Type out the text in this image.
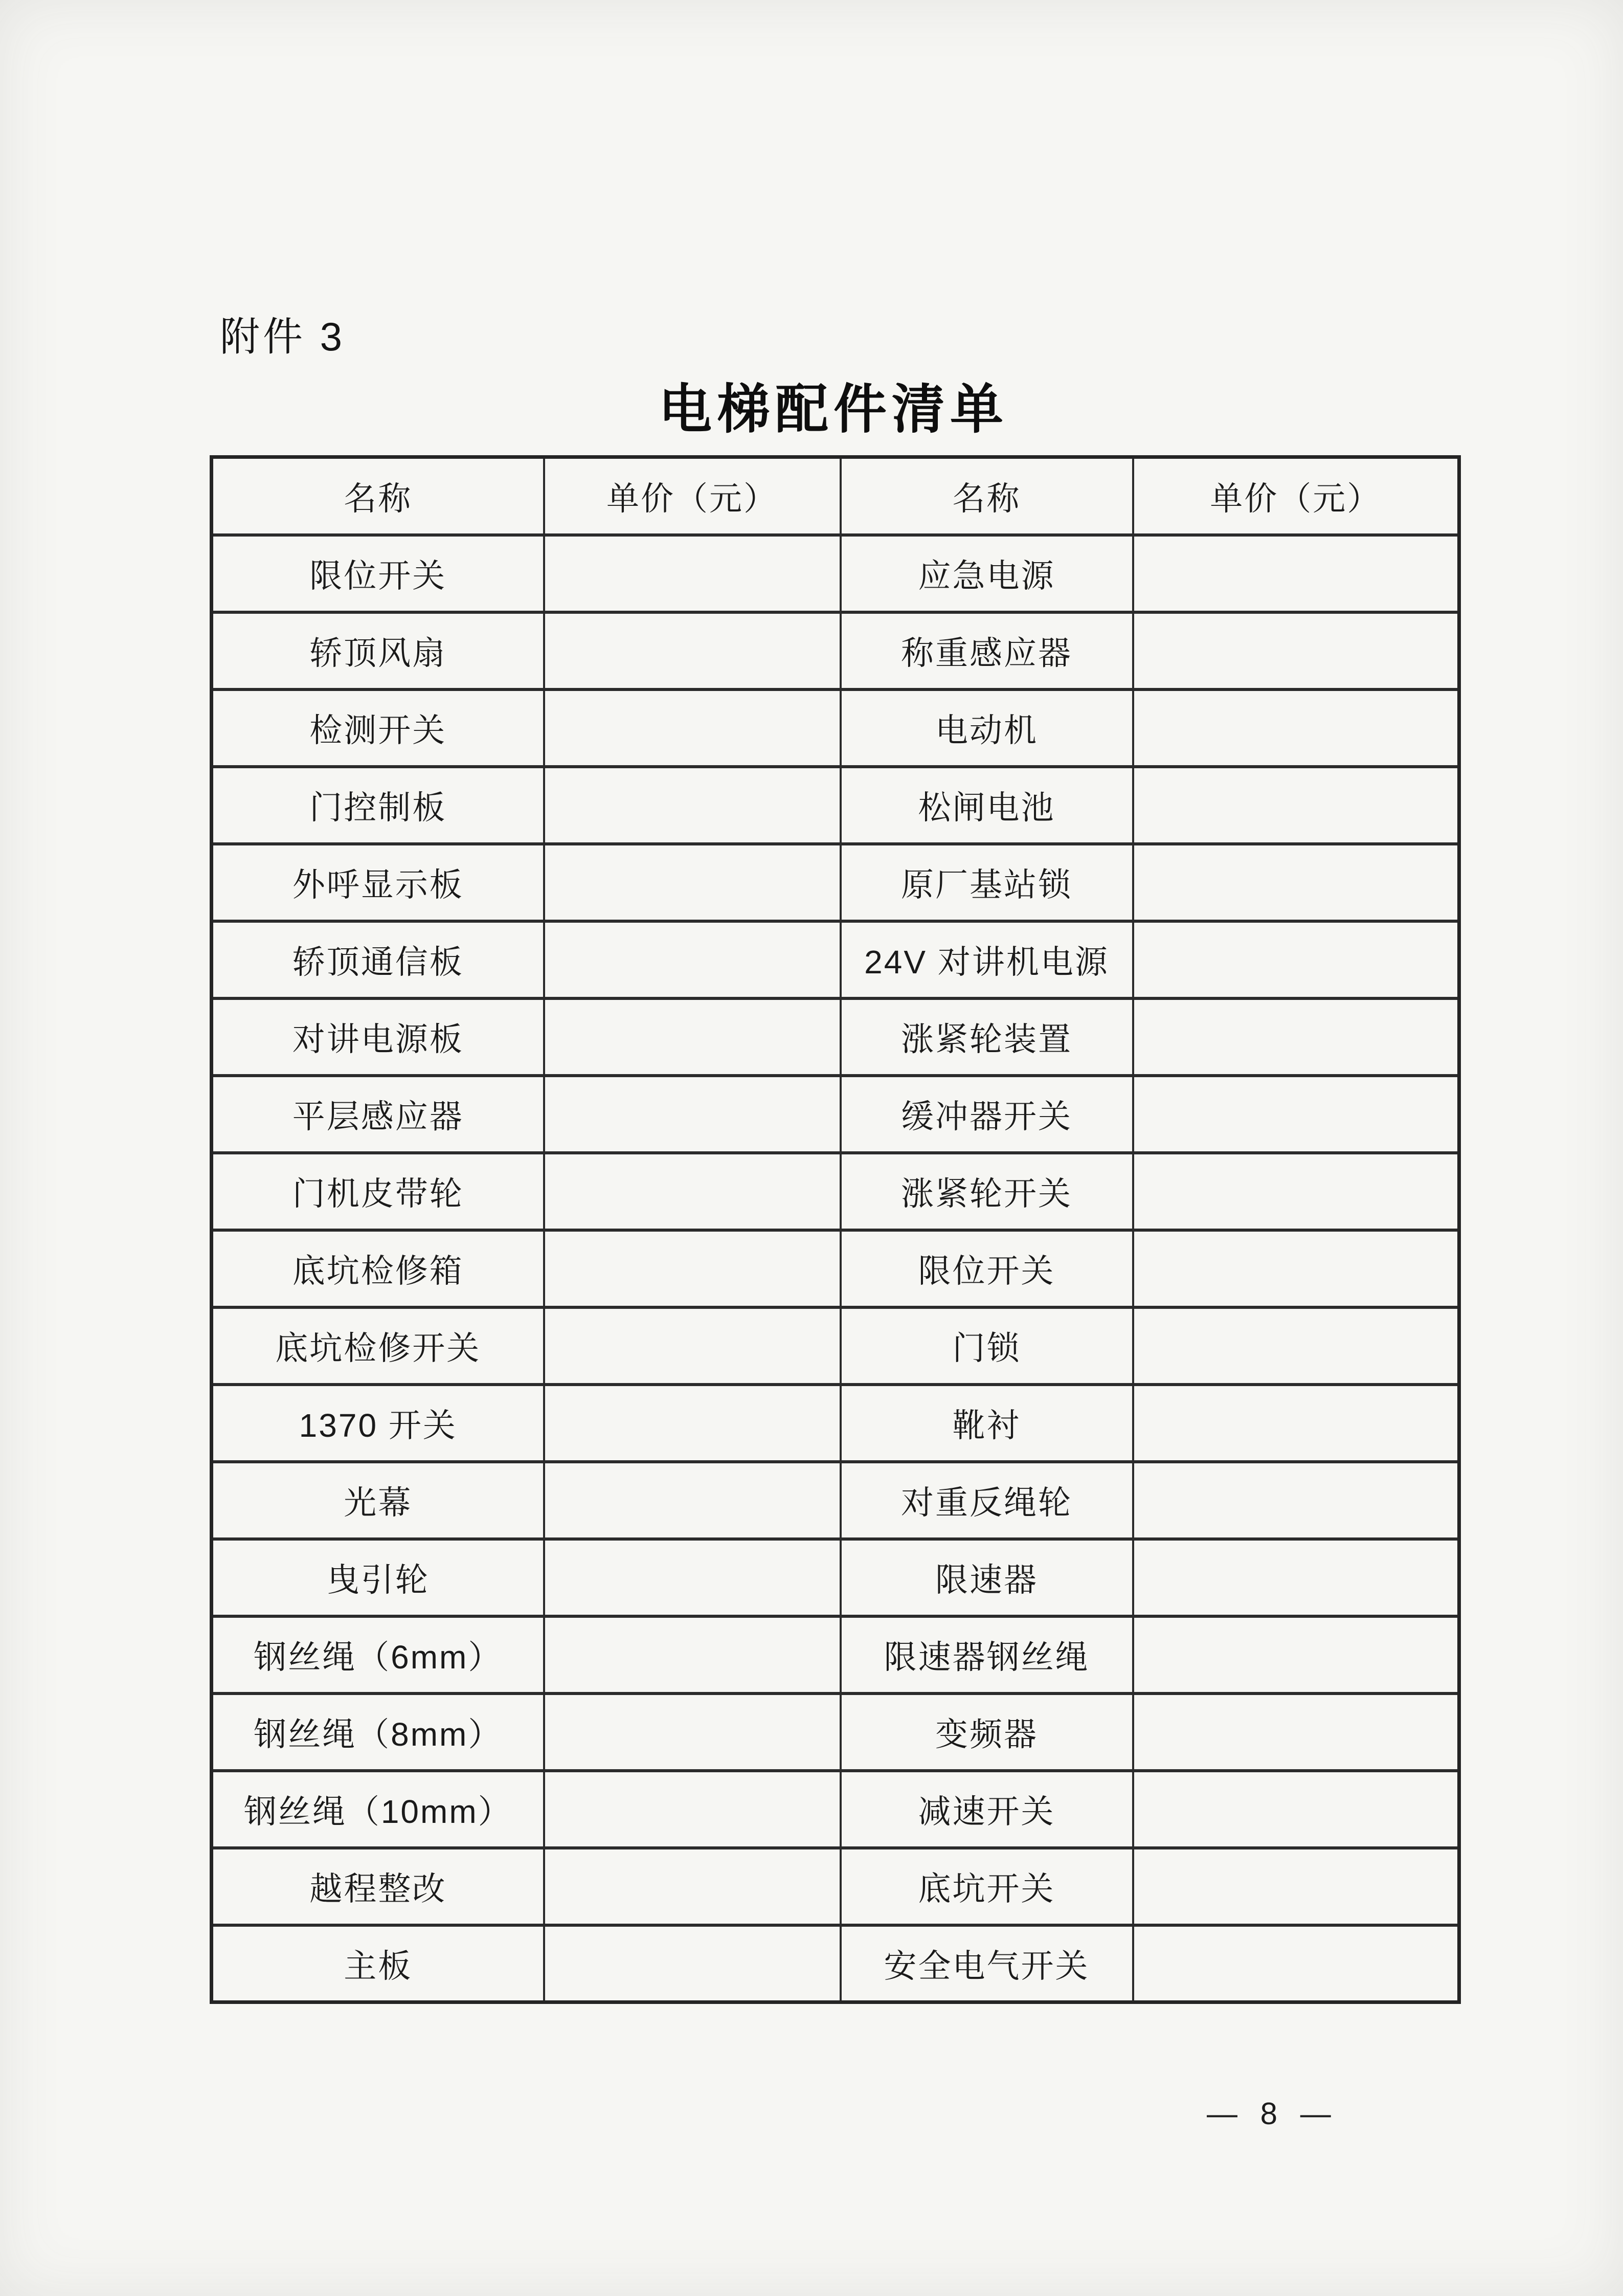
附件 3
电梯配件清单
名称	单价（元）	名称	单价（元）
限位开关		应急电源	
轿顶风扇		称重感应器	
检测开关		电动机	
门控制板		松闸电池	
外呼显示板		原厂基站锁	
轿顶通信板		24V 对讲机电源	
对讲电源板		涨紧轮装置	
平层感应器		缓冲器开关	
门机皮带轮		涨紧轮开关	
底坑检修箱		限位开关	
底坑检修开关		门锁	
1370 开关		靴衬	
光幕		对重反绳轮	
曳引轮		限速器	
钢丝绳（6mm）		限速器钢丝绳	
钢丝绳（8mm）		变频器	
钢丝绳（10mm）		减速开关	
越程整改		底坑开关	
主板		安全电气开关	
— 8 —
